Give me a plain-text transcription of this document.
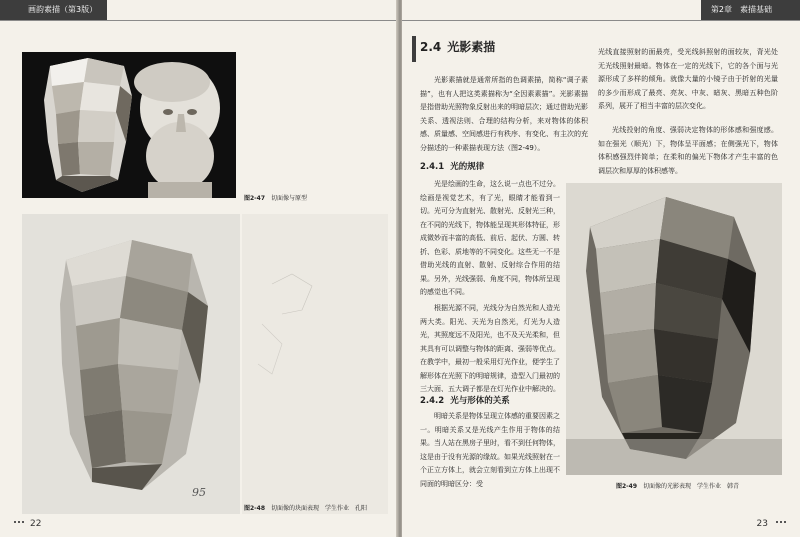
画韵素描（第3版）
图2-47 切面像与原型
95
图2-48 切面像的块面表现　学生作业　孔阳
22
第2章　素描基础
2.4 光影素描

光影素描就是通常所指的色调素描，简称“调子素描”，也有人把这类素描称为“全因素素描”。光影素描是指借助光照物象反射出来的明暗层次；通过借助光影关系、透视法则、合理的结构分析，来对物体的体积感、质量感、空间感进行有秩序、有变化、有主次的充分描述的一种素描表现方法（图2-49）。

2.4.1 光的规律

光是绘画的生命，这么说一点也不过分。绘画是视觉艺术，有了光，眼睛才能看到一切。光可分为直射光、散射光、反射光三种，在不同的光线下，物体能呈现其形体特征，形成微妙而丰富的高低、前后、起伏、方圆、转折、色彩、质地等的不同变化。这些无一不是借助光线的直射、散射、反射综合作用的结果。另外，光线强弱、角度不同，物体所呈现的感觉也不同。

根据光源不同，光线分为自然光和人造光两大类。阳光、天光为自然光，灯光为人造光，其照度远不及阳光，也不及天光柔和，但其具有可以调整与物体的距离、强弱等优点。在教学中，最初一般采用灯光作业，便学生了解形体在光照下的明暗规律，造型入门最初的三大面、五大调子都是在灯光作业中解决的。

2.4.2 光与形体的关系

明暗关系是物体呈现立体感的重要因素之一。明暗关系又是光线产生作用于物体的结果。当人站在黑房子里时，看不到任何物体，这是由于没有光源的缘故。如果光线照射在一个正立方体上，就会立刻看到立方体上出现不同面的明暗区分：受

光线直接照射的面最亮，受光线斜照射的面较灰，背光处无光线照射最暗。物体在一定的光线下，它的各个面与光源形成了多样的倾角。就像大量的小镜子由于折射的光量的多少而形成了最亮、亮灰、中灰、暗灰、黑暗五种色阶系列，展开了相当丰富的层次变化。

光线投射的角度、强弱决定物体的形体感和强度感。如在强光（顺光）下，物体呈平面感；在侧强光下，物体体积感强烈伴简单；在柔和的偏光下物体才产生丰富的色调层次和厚厚的体积感等。

图2-49 切面像的光影表现　学生作业　韩青
23
